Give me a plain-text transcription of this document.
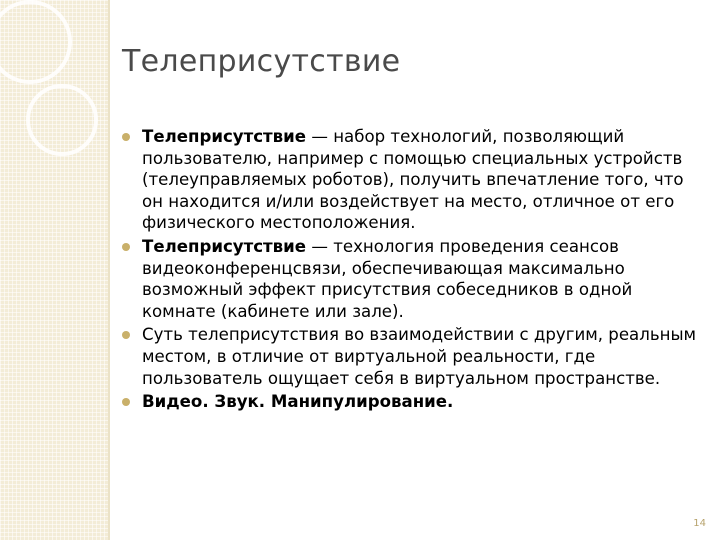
Телеприсутствие
Телеприсутствие — набор технологий, позволяющий пользователю, например с помощью специальных устройств (телеуправляемых роботов), получить впечатление того, что он находится и/или воздействует на место, отличное от его физического местоположения.
Телеприсутствие — технология проведения сеансов видеоконференцсвязи, обеспечивающая максимально возможный эффект присутствия собеседников в одной комнате (кабинете или зале).
Суть телеприсутствия во взаимодействии с другим, реальным местом, в отличие от виртуальной реальности, где пользователь ощущает себя в виртуальном пространстве.
Видео. Звук. Манипулирование.
14
